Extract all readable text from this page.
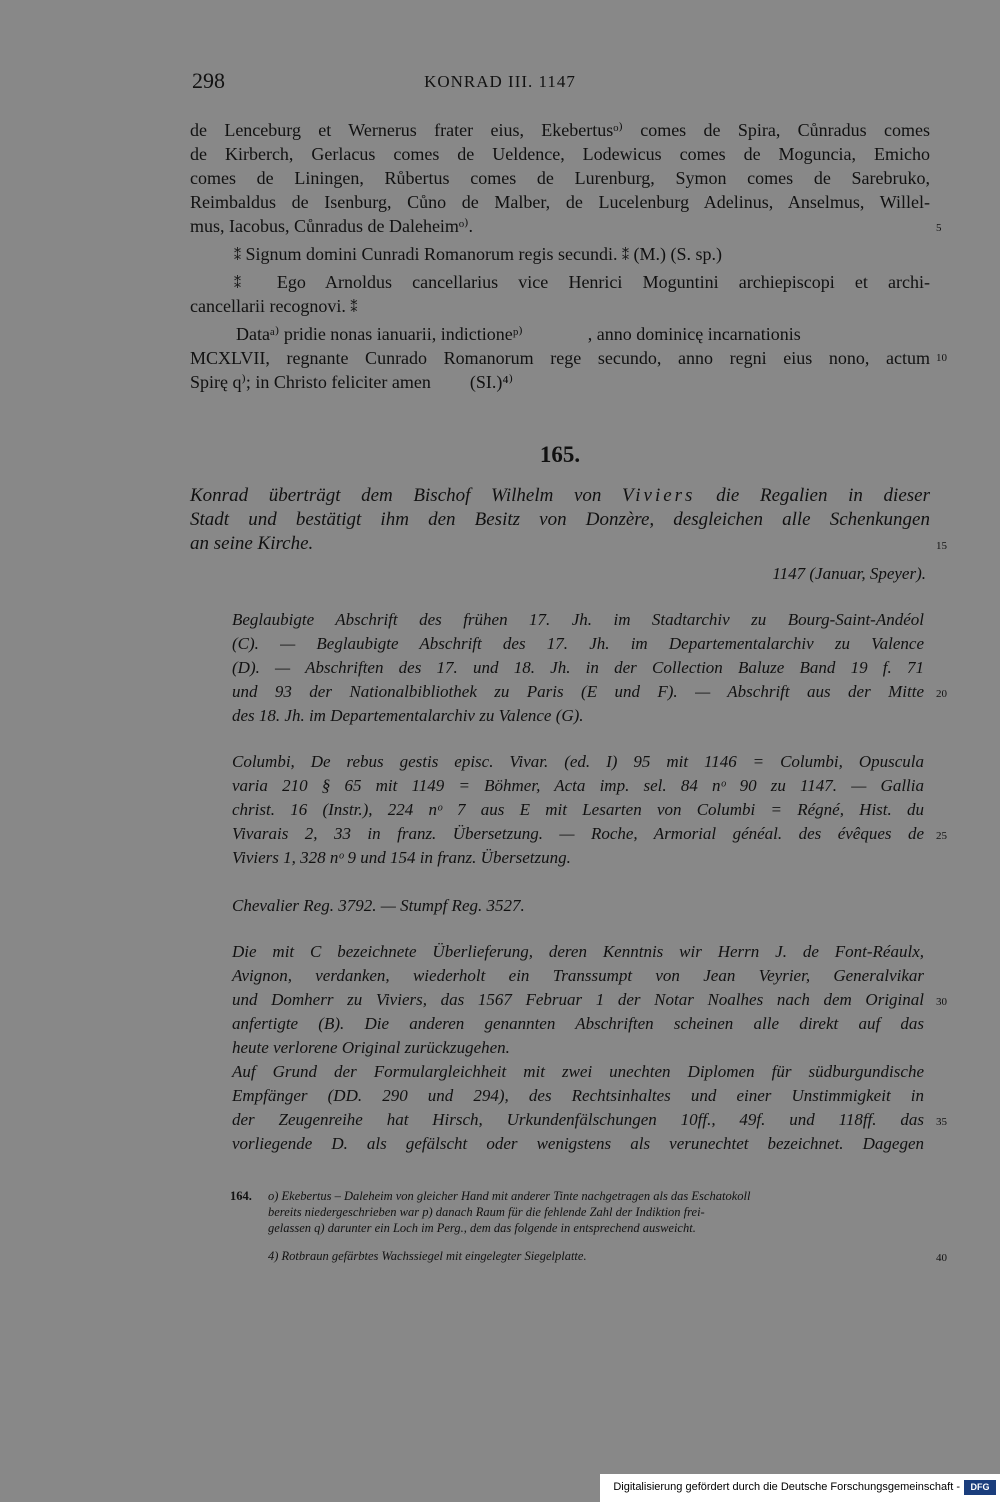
298	KONRAD III. 1147
de Lenceburg et Wernerus frater eius, Ekebertusᵒ⁾ comes de Spira, Cůnradus comes
de Kirberch, Gerlacus comes de Ueldence, Lodewicus comes de Moguncia, Emicho
comes de Liningen, Růbertus comes de Lurenburg, Symon comes de Sarebruko,
Reimbaldus de Isenburg, Cůno de Malber, de Lucelenburg Adelinus, Anselmus, Willel-
mus, Iacobus, Cůnradus de Daleheimᵒ⁾.	5
⁑ Signum domini Cunradi Romanorum regis secundi. ⁑ (M.) (S. sp.)
⁑ Ego Arnoldus cancellarius vice Henrici Moguntini archiepiscopi et archi-
cancellarii recognovi. ⁑
Dataᵃ⁾ pridie nonas ianuarii, indictioneᵖ⁾	, anno dominicę incarnationis
MCXLVII, regnante Cunrado Romanorum rege secundo, anno regni eius nono, actum 10
Spirę q⁾; in Christo feliciter amen (SI.)⁴⁾
165.
Konrad überträgt dem Bischof Wilhelm von Viviers die Regalien in dieser
Stadt und bestätigt ihm den Besitz von Donzère, desgleichen alle Schenkungen
an seine Kirche.	15
1147 (Januar, Speyer).
Beglaubigte Abschrift des frühen 17. Jh. im Stadtarchiv zu Bourg-Saint-Andéol
(C). — Beglaubigte Abschrift des 17. Jh. im Departementalarchiv zu Valence
(D). — Abschriften des 17. und 18. Jh. in der Collection Baluze Band 19 f. 71
und 93 der Nationalbibliothek zu Paris (E und F). — Abschrift aus der Mitte 20
des 18. Jh. im Departementalarchiv zu Valence (G).
Columbi, De rebus gestis episc. Vivar. (ed. I) 95 mit 1146 = Columbi, Opuscula
varia 210 § 65 mit 1149 = Böhmer, Acta imp. sel. 84 nᵒ 90 zu 1147. — Gallia
christ. 16 (Instr.), 224 nᵒ 7 aus E mit Lesarten von Columbi = Régné, Hist. du
Vivarais 2, 33 in franz. Übersetzung. — Roche, Armorial généal. des évêques de 25
Viviers 1, 328 nᵒ 9 und 154 in franz. Übersetzung.
Chevalier Reg. 3792. — Stumpf Reg. 3527.
Die mit C bezeichnete Überlieferung, deren Kenntnis wir Herrn J. de Font-Réaulx,
Avignon, verdanken, wiederholt ein Transsumpt von Jean Veyrier, Generalvikar
und Domherr zu Viviers, das 1567 Februar 1 der Notar Noalhes nach dem Original 30
anfertigte (B). Die anderen genannten Abschriften scheinen alle direkt auf das
heute verlorene Original zurückzugehen.
Auf Grund der Formulargleichheit mit zwei unechten Diplomen für südburgundische
Empfänger (DD. 290 und 294), des Rechtsinhaltes und einer Unstimmigkeit in
der Zeugenreihe hat Hirsch, Urkundenfälschungen 10ff., 49f. und 118ff. das 35
vorliegende D. als gefälscht oder wenigstens als verunechtet bezeichnet. Dagegen
164.	o) Ekebertus – Daleheim von gleicher Hand mit anderer Tinte nachgetragen als das Eschatokoll
bereits niedergeschrieben war p) danach Raum für die fehlende Zahl der Indiktion frei-
gelassen q) darunter ein Loch im Perg., dem das folgende in entsprechend ausweicht.
4) Rotbraun gefärbtes Wachssiegel mit eingelegter Siegelplatte.	40
Digitalisierung gefördert durch die Deutsche Forschungsgemeinschaft -	DFG
